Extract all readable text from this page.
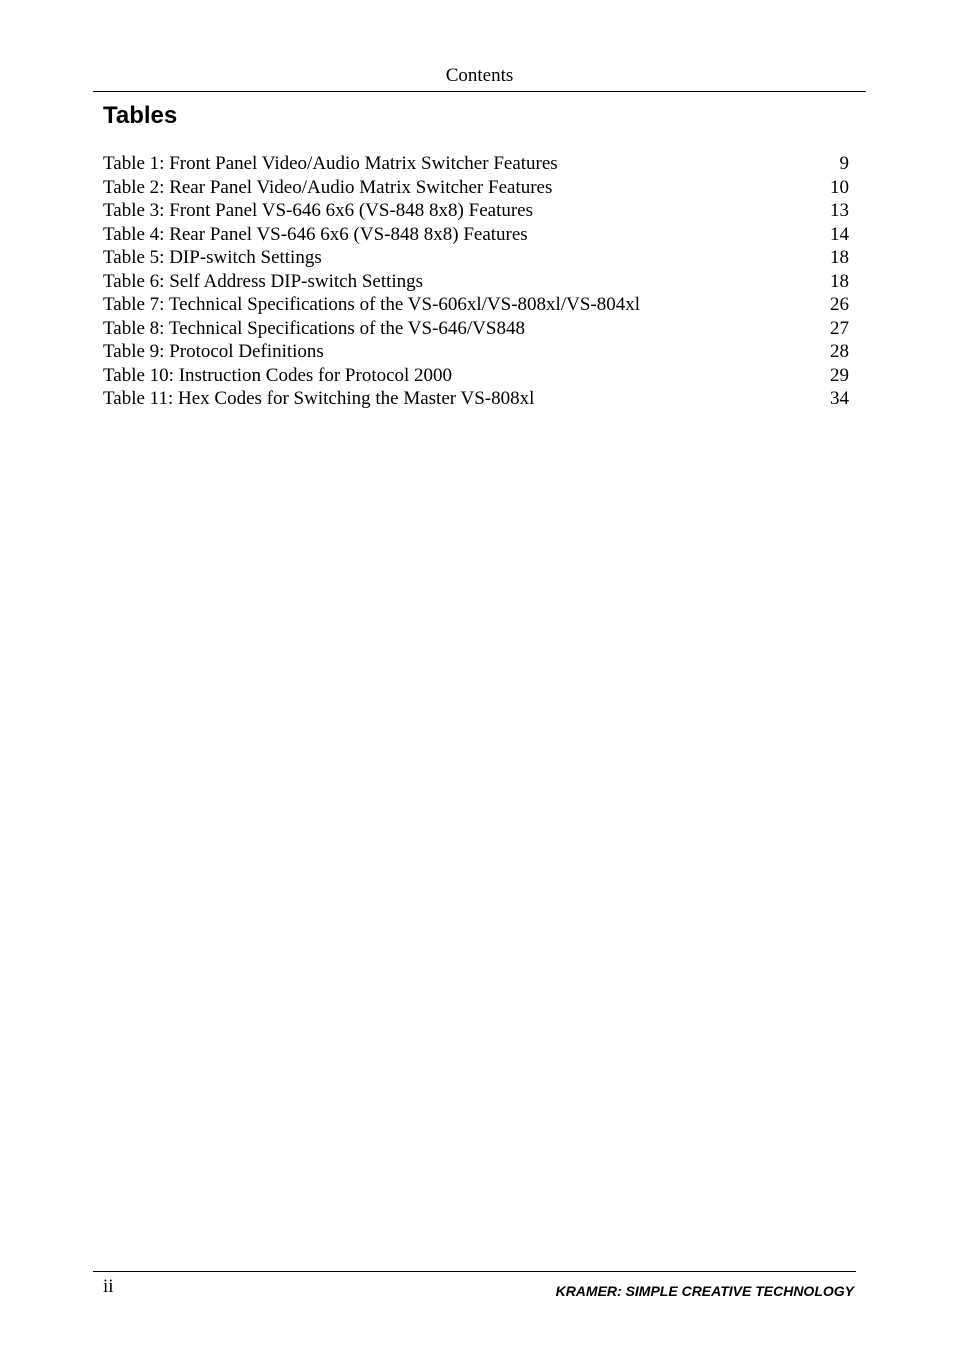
Contents
Tables
Table 1: Front Panel Video/Audio Matrix Switcher Features	9
Table 2: Rear Panel Video/Audio Matrix Switcher Features	10
Table 3: Front Panel VS-646 6x6 (VS-848 8x8) Features	13
Table 4: Rear Panel VS-646 6x6 (VS-848 8x8) Features	14
Table 5: DIP-switch Settings	18
Table 6: Self Address DIP-switch Settings	18
Table 7: Technical Specifications of the VS-606xl/VS-808xl/VS-804xl	26
Table 8: Technical Specifications of the VS-646/VS848	27
Table 9: Protocol Definitions	28
Table 10: Instruction Codes for Protocol 2000	29
Table 11: Hex Codes for Switching the Master VS-808xl	34
ii	KRAMER: SIMPLE CREATIVE TECHNOLOGY
